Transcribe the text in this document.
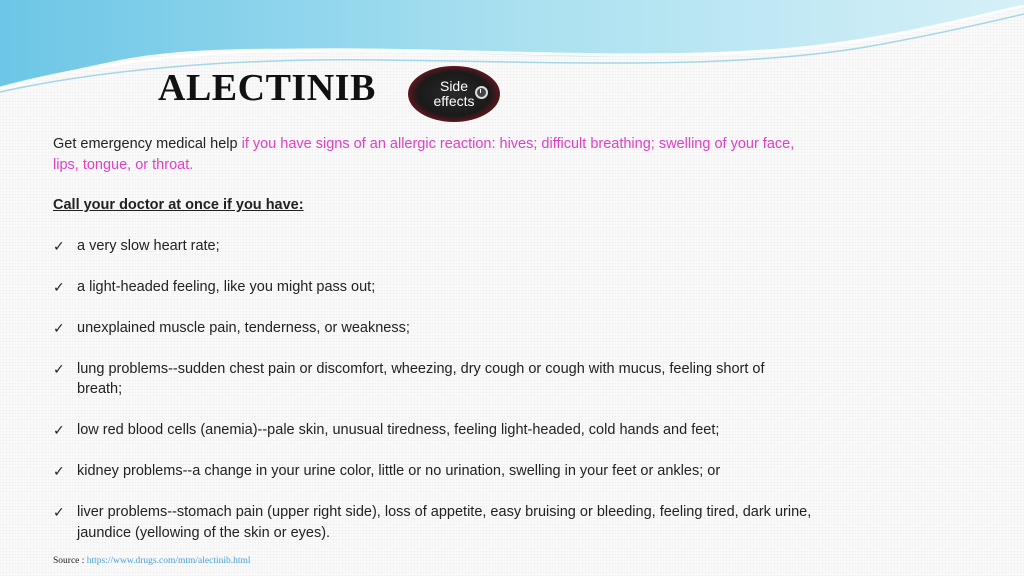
ALECTINIB	Side
effects

Get emergency medical help if you have signs of an allergic reaction: hives; difficult breathing; swelling of your face, lips, tongue, or throat.

Call your doctor at once if you have:

✓ a very slow heart rate;
✓ a light-headed feeling, like you might pass out;
✓ unexplained muscle pain, tenderness, or weakness;
✓ lung problems--sudden chest pain or discomfort, wheezing, dry cough or cough with mucus, feeling short of breath;
✓ low red blood cells (anemia)--pale skin, unusual tiredness, feeling light-headed, cold hands and feet;
✓ kidney problems--a change in your urine color, little or no urination, swelling in your feet or ankles; or
✓ liver problems--stomach pain (upper right side), loss of appetite, easy bruising or bleeding, feeling tired, dark urine, jaundice (yellowing of the skin or eyes).
Source : https://www.drugs.com/mtm/alectinib.html
